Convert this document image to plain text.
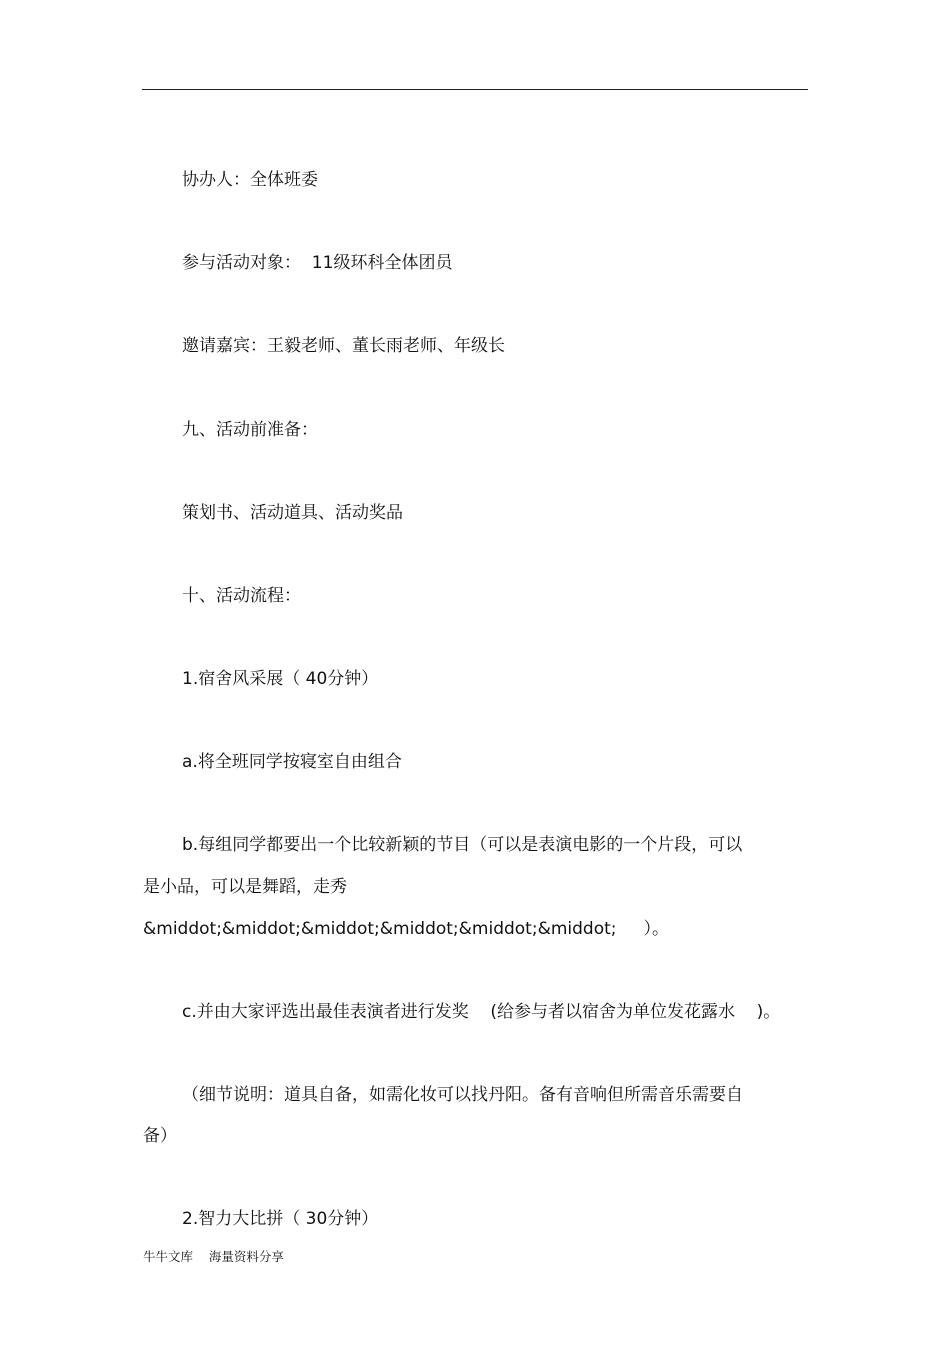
协办人：全体班委
参与活动对象：  11级环科全体团员
邀请嘉宾：王毅老师、董长雨老师、年级长
九、活动前准备：
策划书、活动道具、活动奖品
十、活动流程：
1.宿舍风采展（ 40分钟）
a.将全班同学按寝室自由组合
b.每组同学都要出一个比较新颖的节目（可以是表演电影的一个片段，可以
是小品，可以是舞蹈，走秀
&middot;&middot;&middot;&middot;&middot;&middot;     ）。
c.并由大家评选出最佳表演者进行发奖    (给参与者以宿舍为单位发花露水    )。
（细节说明：道具自备，如需化妆可以找丹阳。备有音响但所需音乐需要自
备）
2.智力大比拼（ 30分钟）
牛牛文库    海量资料分享
